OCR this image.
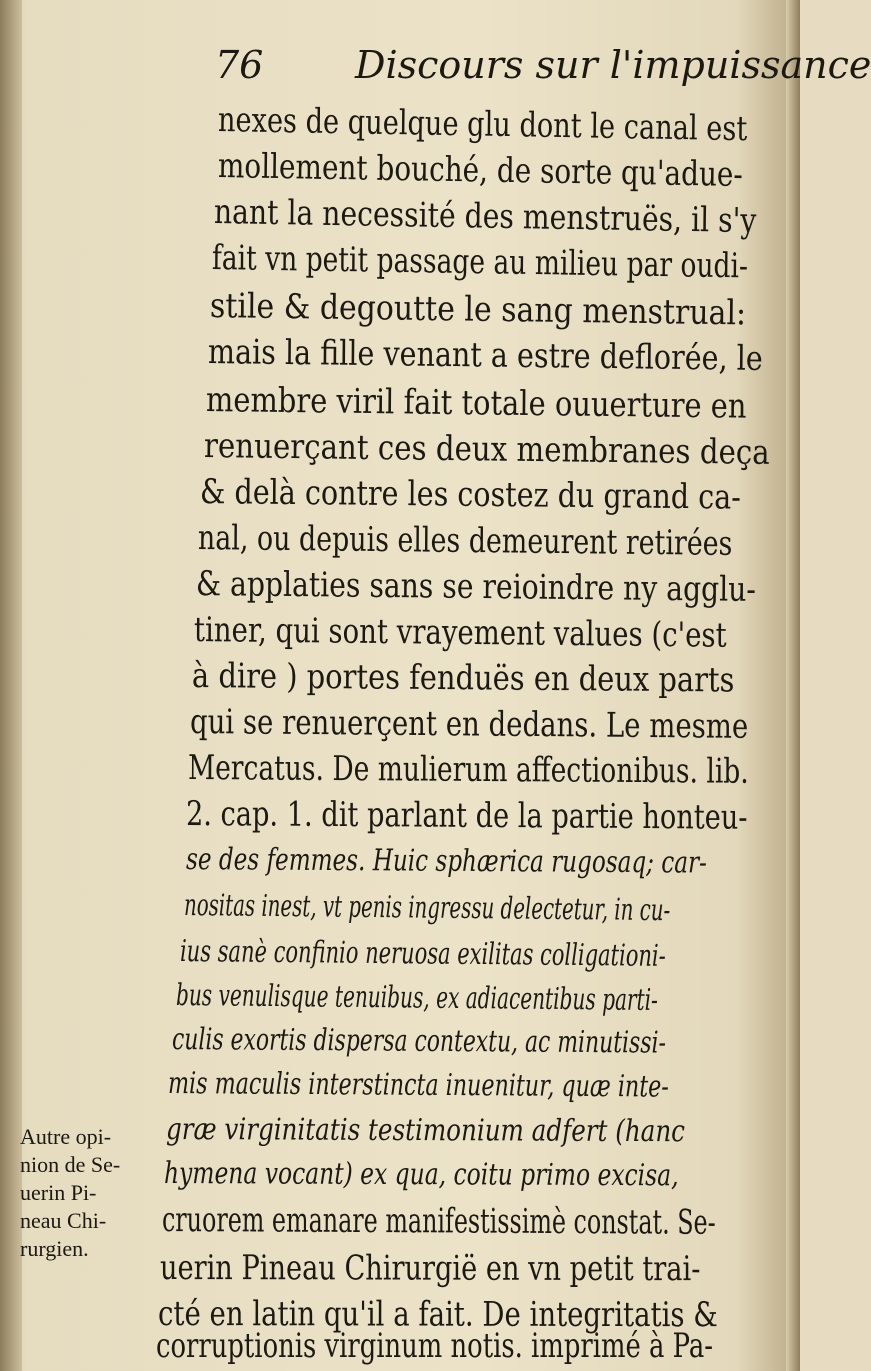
76 Discours sur l'impuissance
nexes de quelque glu dont le canal est
mollement bouché, de sorte qu'adue-
nant la necessité des menstruës, il s'y
fait vn petit passage au milieu par oudi-
stile & degoutte le sang menstrual:
mais la fille venant a estre deflorée, le
membre viril fait totale ouuerture en
renuerçant ces deux membranes deça
& delà contre les costez du grand ca-
nal, ou depuis elles demeurent retirées
& applaties sans se reioindre ny agglu-
tiner, qui sont vrayement values (c'est
à dire ) portes fenduës en deux parts
qui se renuerçent en dedans. Le mesme
Mercatus. De mulierum affectionibus. lib.
2. cap. 1. dit parlant de la partie honteu-
se des femmes. Huic sphærica rugosaq; car-
nositas inest, vt penis ingressu delectetur, in cu-
ius sanè confinio neruosa exilitas colligationi-
bus venulisque tenuibus, ex adiacentibus parti-
culis exortis dispersa contextu, ac minutissi-
mis maculis interstincta inuenitur, quæ inte-
græ virginitatis testimonium adfert (hanc
hymena vocant) ex qua, coitu primo excisa,
cruorem emanare manifestissimè constat. Se-
uerin Pineau Chirurgië en vn petit trai-
cté en latin qu'il a fait. De integritatis &
corruptionis virginum notis. imprimé à Pa-
Autre opi-
nion de Se-
uerin Pi-
neau Chi-
rurgien.
